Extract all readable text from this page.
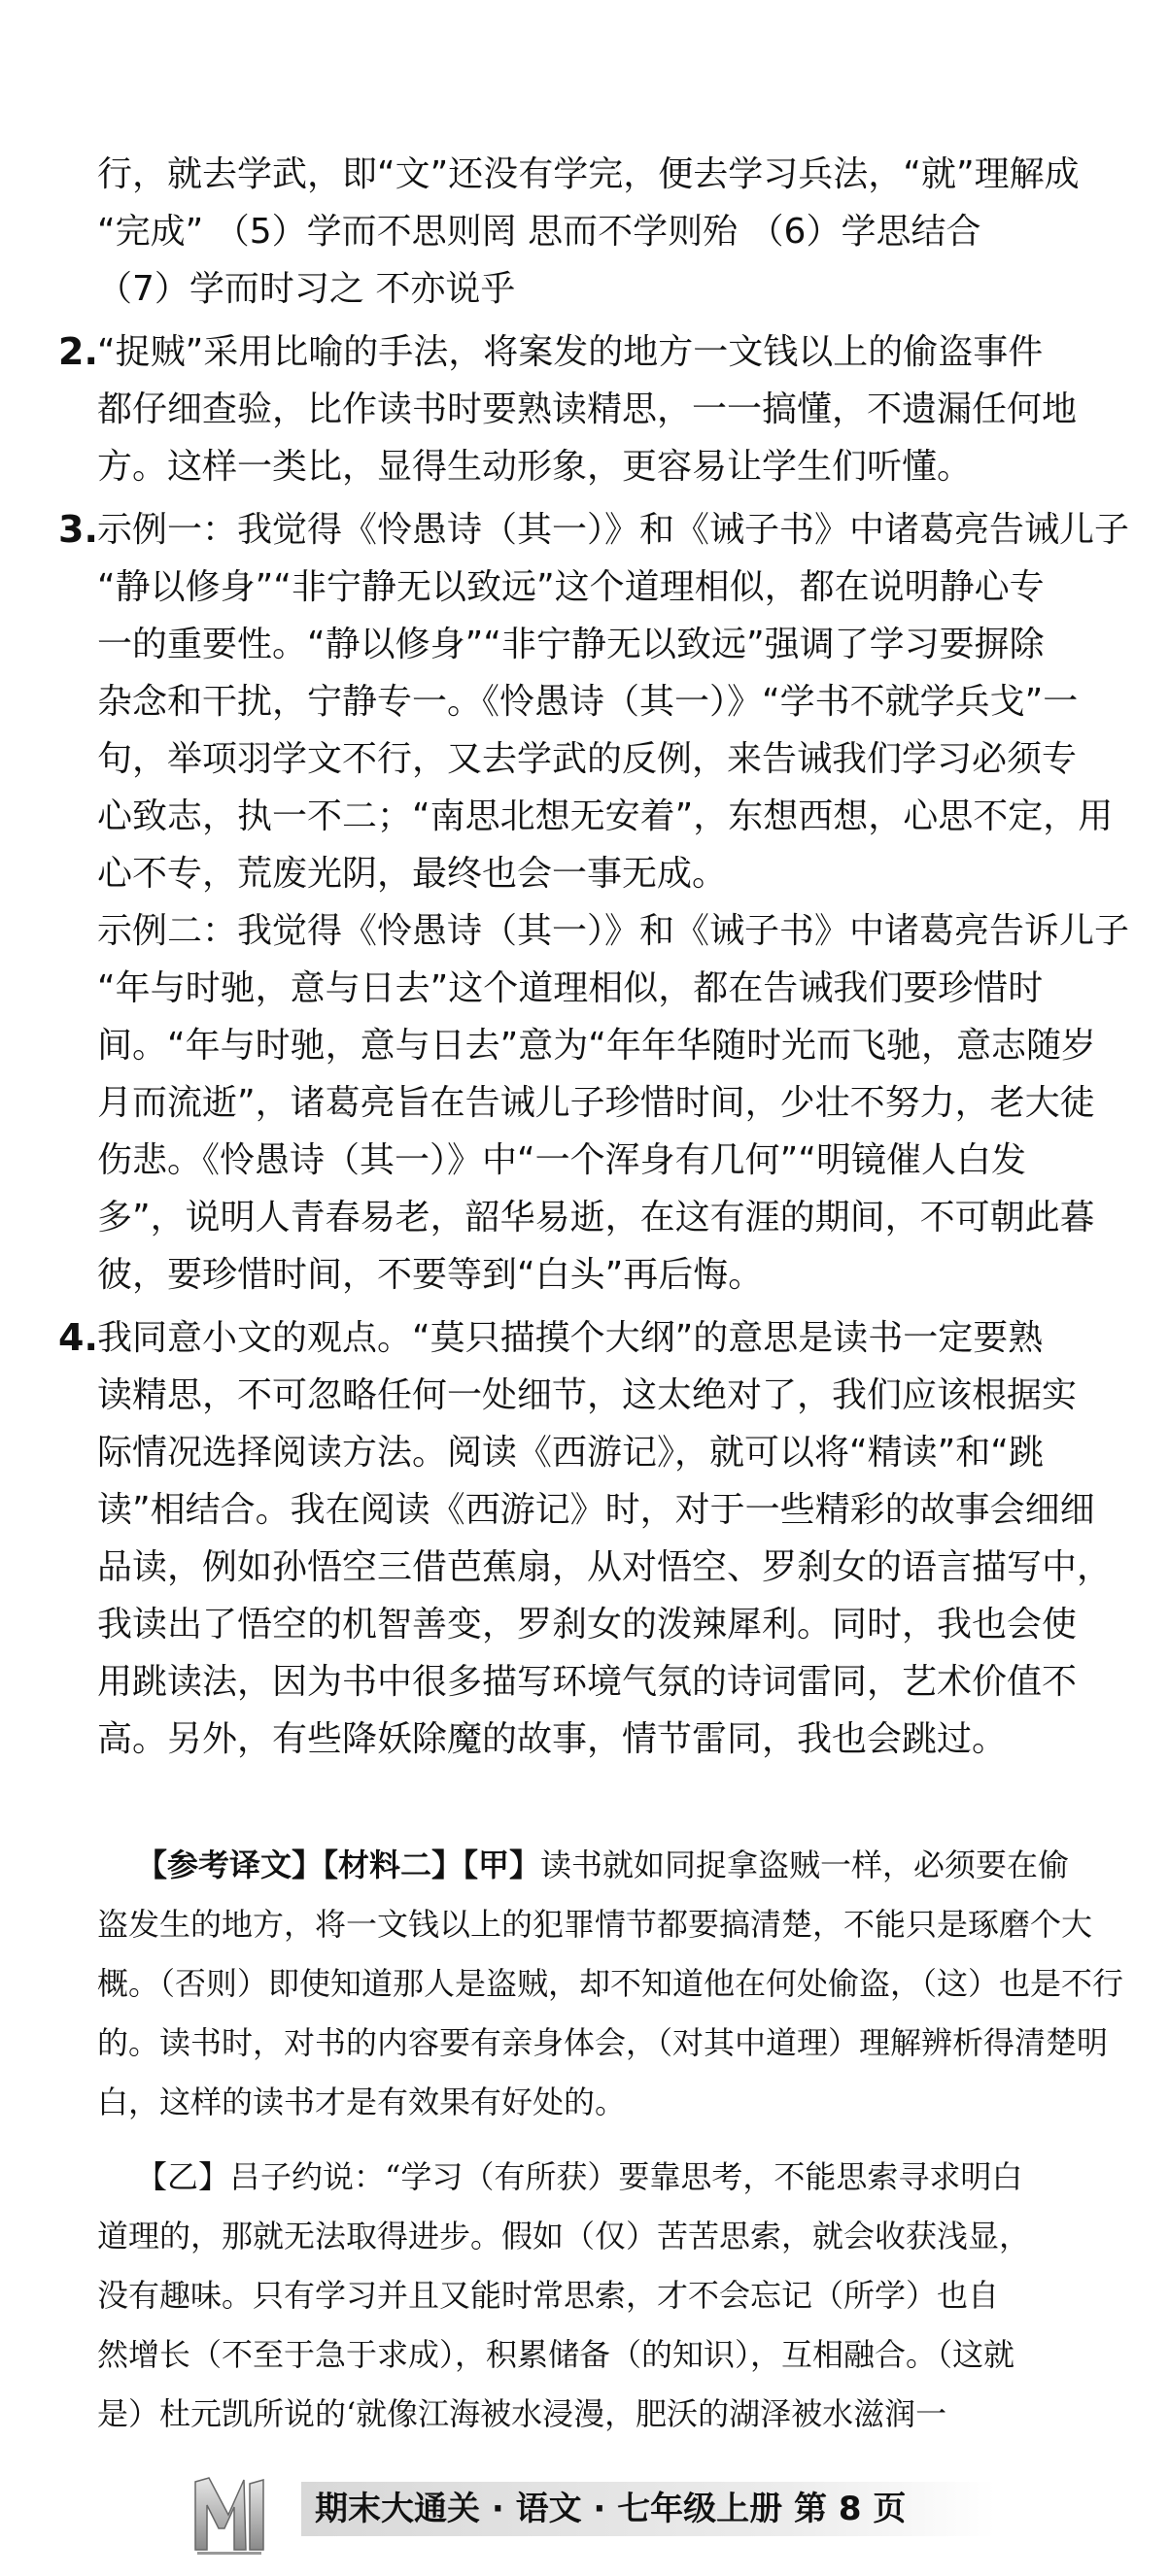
行，就去学武，即“文”还没有学完，便去学习兵法，“就”理解成
“完成” （5）学而不思则罔 思而不学则殆 （6）学思结合
（7）学而时习之 不亦说乎
2. “捉贼”采用比喻的手法，将案发的地方一文钱以上的偷盗事件
都仔细查验，比作读书时要熟读精思，一一搞懂，不遗漏任何地
方。这样一类比，显得生动形象，更容易让学生们听懂。
3. 示例一：我觉得《怜愚诗（其一）》和《诫子书》中诸葛亮告诫儿子
“静以修身”“非宁静无以致远”这个道理相似，都在说明静心专
一的重要性。“静以修身”“非宁静无以致远”强调了学习要摒除
杂念和干扰，宁静专一。《怜愚诗（其一）》“学书不就学兵戈”一
句，举项羽学文不行，又去学武的反例，来告诫我们学习必须专
心致志，执一不二；“南思北想无安着”，东想西想，心思不定，用
心不专，荒废光阴，最终也会一事无成。
示例二：我觉得《怜愚诗（其一）》和《诫子书》中诸葛亮告诉儿子
“年与时驰，意与日去”这个道理相似，都在告诫我们要珍惜时
间。“年与时驰，意与日去”意为“年年华随时光而飞驰，意志随岁
月而流逝”，诸葛亮旨在告诫儿子珍惜时间，少壮不努力，老大徒
伤悲。《怜愚诗（其一）》中“一个浑身有几何”“明镜催人白发
多”，说明人青春易老，韶华易逝，在这有涯的期间，不可朝此暮
彼，要珍惜时间，不要等到“白头”再后悔。
4. 我同意小文的观点。“莫只描摸个大纲”的意思是读书一定要熟
读精思，不可忽略任何一处细节，这太绝对了，我们应该根据实
际情况选择阅读方法。阅读《西游记》，就可以将“精读”和“跳
读”相结合。我在阅读《西游记》时，对于一些精彩的故事会细细
品读，例如孙悟空三借芭蕉扇，从对悟空、罗刹女的语言描写中，
我读出了悟空的机智善变，罗刹女的泼辣犀利。同时，我也会使
用跳读法，因为书中很多描写环境气氛的诗词雷同，艺术价值不
高。另外，有些降妖除魔的故事，情节雷同，我也会跳过。
【参考译文】【材料二】【甲】读书就如同捉拿盗贼一样，必须要在偷
盗发生的地方，将一文钱以上的犯罪情节都要搞清楚，不能只是琢磨个大
概。（否则）即使知道那人是盗贼，却不知道他在何处偷盗，（这）也是不行
的。读书时，对书的内容要有亲身体会，（对其中道理）理解辨析得清楚明
白，这样的读书才是有效果有好处的。
【乙】吕子约说：“学习（有所获）要靠思考，不能思索寻求明白
道理的，那就无法取得进步。假如（仅）苦苦思索，就会收获浅显，
没有趣味。只有学习并且又能时常思索，才不会忘记（所学）也自
然增长（不至于急于求成），积累储备（的知识），互相融合。（这就
是）杜元凯所说的‘就像江海被水浸漫，肥沃的湖泽被水滋润一
期末大通关 · 语文 · 七年级上册 第 8 页
